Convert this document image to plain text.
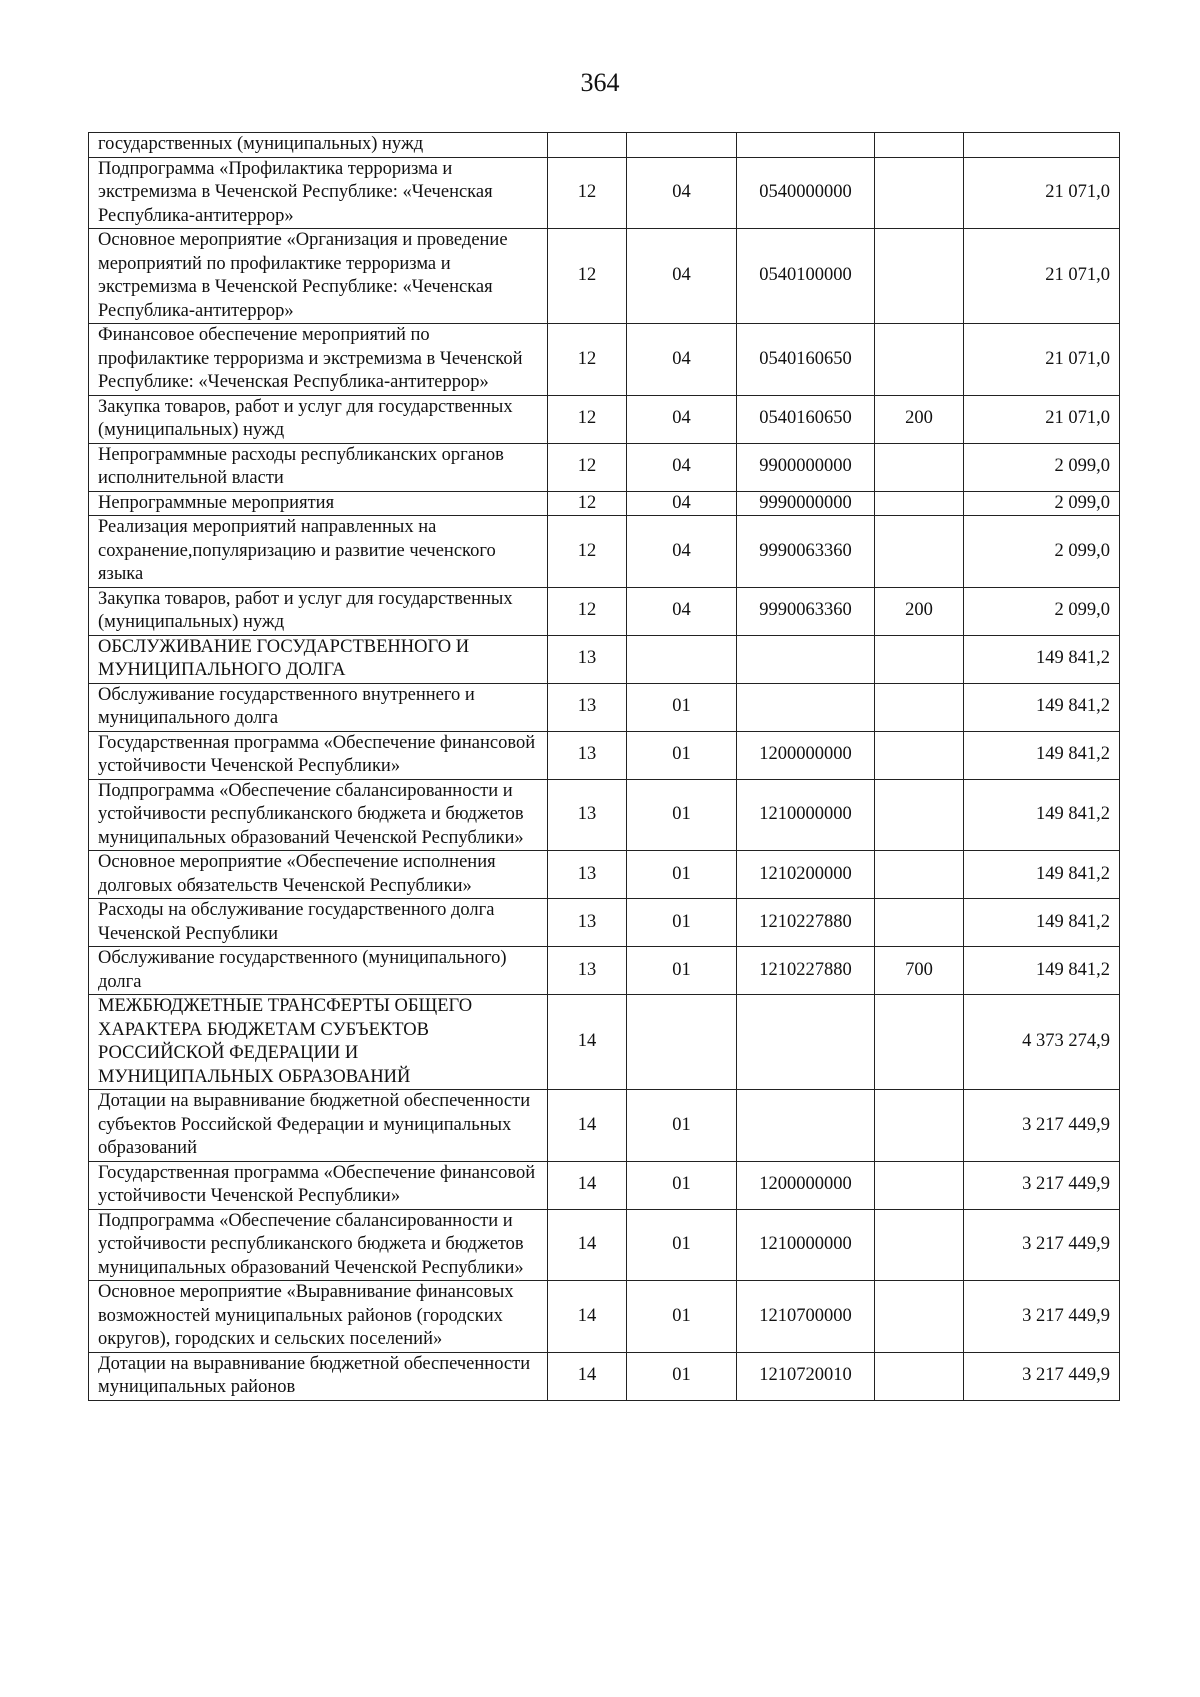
364
государственных (муниципальных) нужд					
Подпрограмма «Профилактика терроризма и экстремизма в Чеченской Республике: «Чеченская Республика-антитеррор»	12	04	0540000000		21 071,0
Основное мероприятие «Организация и проведение мероприятий по профилактике терроризма и экстремизма в Чеченской Республике: «Чеченская Республика-антитеррор»	12	04	0540100000		21 071,0
Финансовое обеспечение мероприятий по профилактике терроризма и экстремизма в Чеченской Республике: «Чеченская Республика-антитеррор»	12	04	0540160650		21 071,0
Закупка товаров, работ и услуг для государственных (муниципальных) нужд	12	04	0540160650	200	21 071,0
Непрограммные расходы республиканских органов исполнительной власти	12	04	9900000000		2 099,0
Непрограммные мероприятия	12	04	9990000000		2 099,0
Реализация мероприятий направленных на сохранение,популяризацию и развитие чеченского языка	12	04	9990063360		2 099,0
Закупка товаров, работ и услуг для государственных (муниципальных) нужд	12	04	9990063360	200	2 099,0
ОБСЛУЖИВАНИЕ ГОСУДАРСТВЕННОГО И МУНИЦИПАЛЬНОГО ДОЛГА	13				149 841,2
Обслуживание государственного внутреннего и муниципального долга	13	01			149 841,2
Государственная программа «Обеспечение финансовой устойчивости Чеченской Республики»	13	01	1200000000		149 841,2
Подпрограмма «Обеспечение сбалансированности и устойчивости республиканского бюджета и бюджетов муниципальных образований Чеченской Республики»	13	01	1210000000		149 841,2
Основное мероприятие «Обеспечение исполнения долговых обязательств Чеченской Республики»	13	01	1210200000		149 841,2
Расходы на обслуживание государственного долга Чеченской Республики	13	01	1210227880		149 841,2
Обслуживание государственного (муниципального) долга	13	01	1210227880	700	149 841,2
МЕЖБЮДЖЕТНЫЕ ТРАНСФЕРТЫ ОБЩЕГО ХАРАКТЕРА БЮДЖЕТАМ СУБЪЕКТОВ РОССИЙСКОЙ ФЕДЕРАЦИИ И МУНИЦИПАЛЬНЫХ ОБРАЗОВАНИЙ	14				4 373 274,9
Дотации на выравнивание бюджетной обеспеченности субъектов Российской Федерации и муниципальных образований	14	01			3 217 449,9
Государственная программа «Обеспечение финансовой устойчивости Чеченской Республики»	14	01	1200000000		3 217 449,9
Подпрограмма «Обеспечение сбалансированности и устойчивости республиканского бюджета и бюджетов муниципальных образований Чеченской Республики»	14	01	1210000000		3 217 449,9
Основное мероприятие «Выравнивание финансовых возможностей муниципальных районов (городских округов), городских и сельских поселений»	14	01	1210700000		3 217 449,9
Дотации на выравнивание бюджетной обеспеченности муниципальных районов	14	01	1210720010		3 217 449,9
